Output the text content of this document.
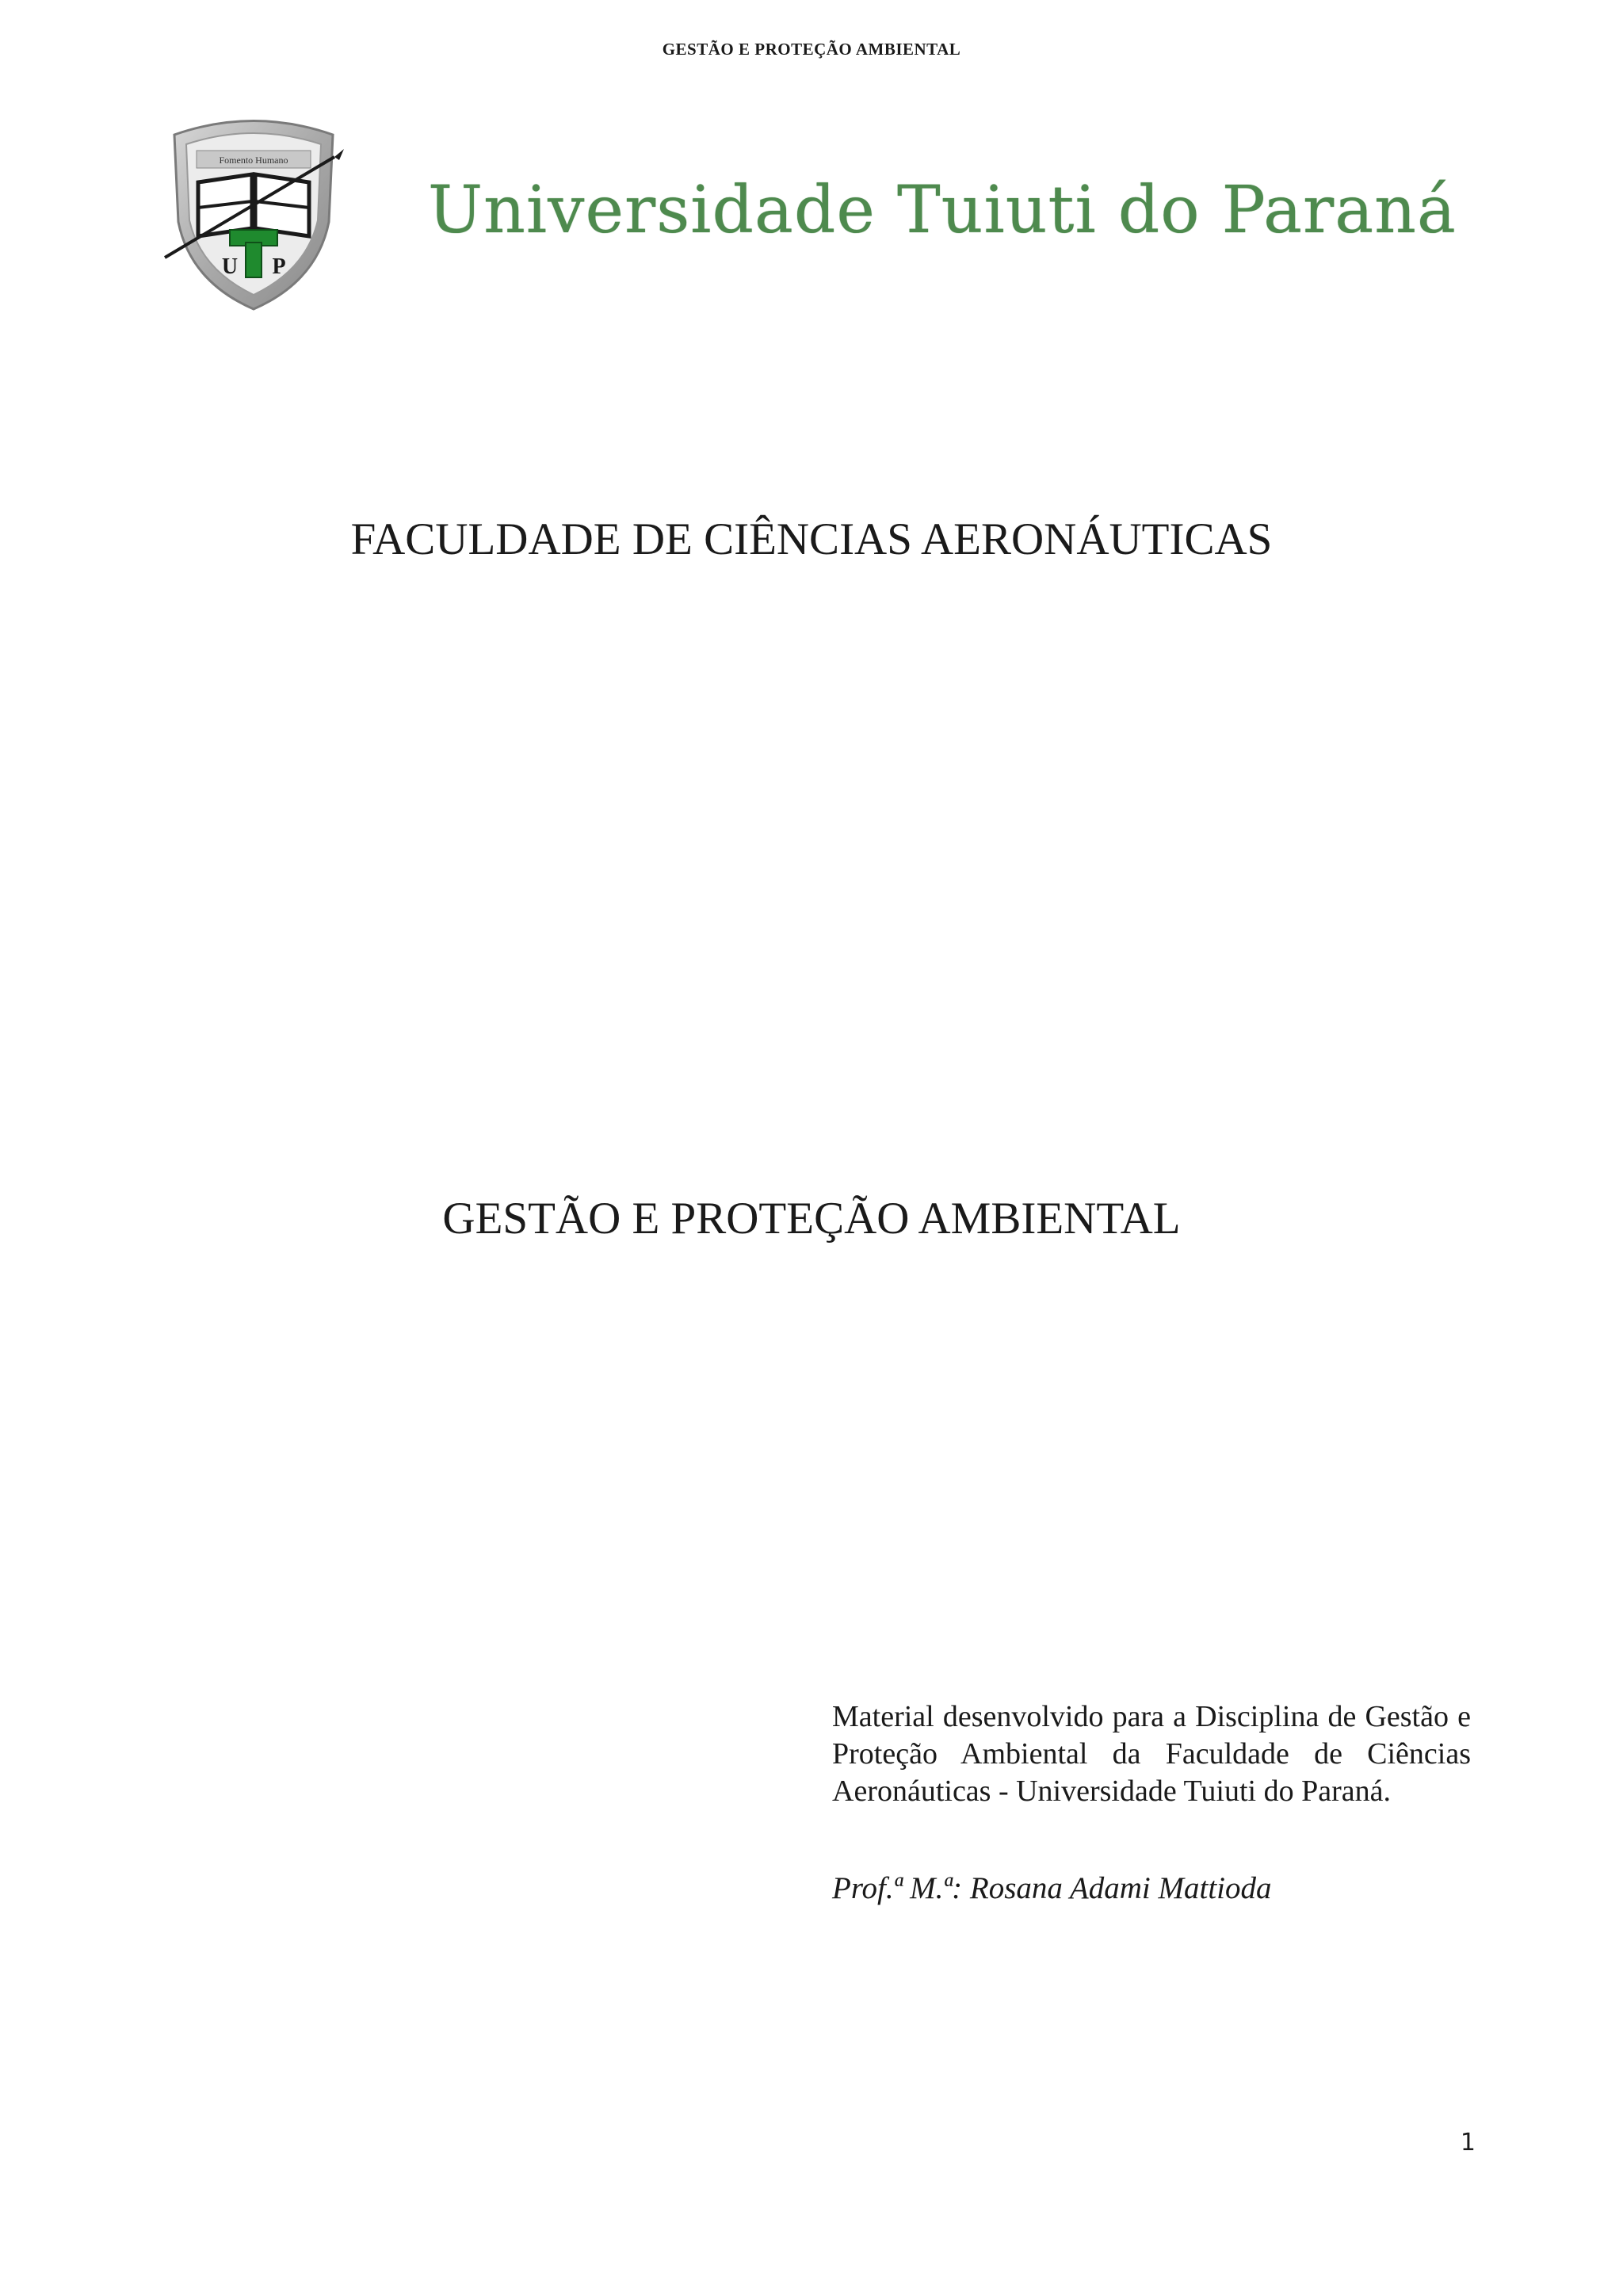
GESTÃO E PROTEÇÃO AMBIENTAL
Fomento Humano
U P
Universidade Tuiuti do Paraná
FACULDADE DE CIÊNCIAS AERONÁUTICAS
GESTÃO E PROTEÇÃO AMBIENTAL
Material desenvolvido para a Disciplina de Gestão e Proteção Ambiental da Faculdade de Ciências Aeronáuticas - Universidade Tuiuti do Paraná.
Prof.ª M.ª: Rosana Adami Mattioda
1
